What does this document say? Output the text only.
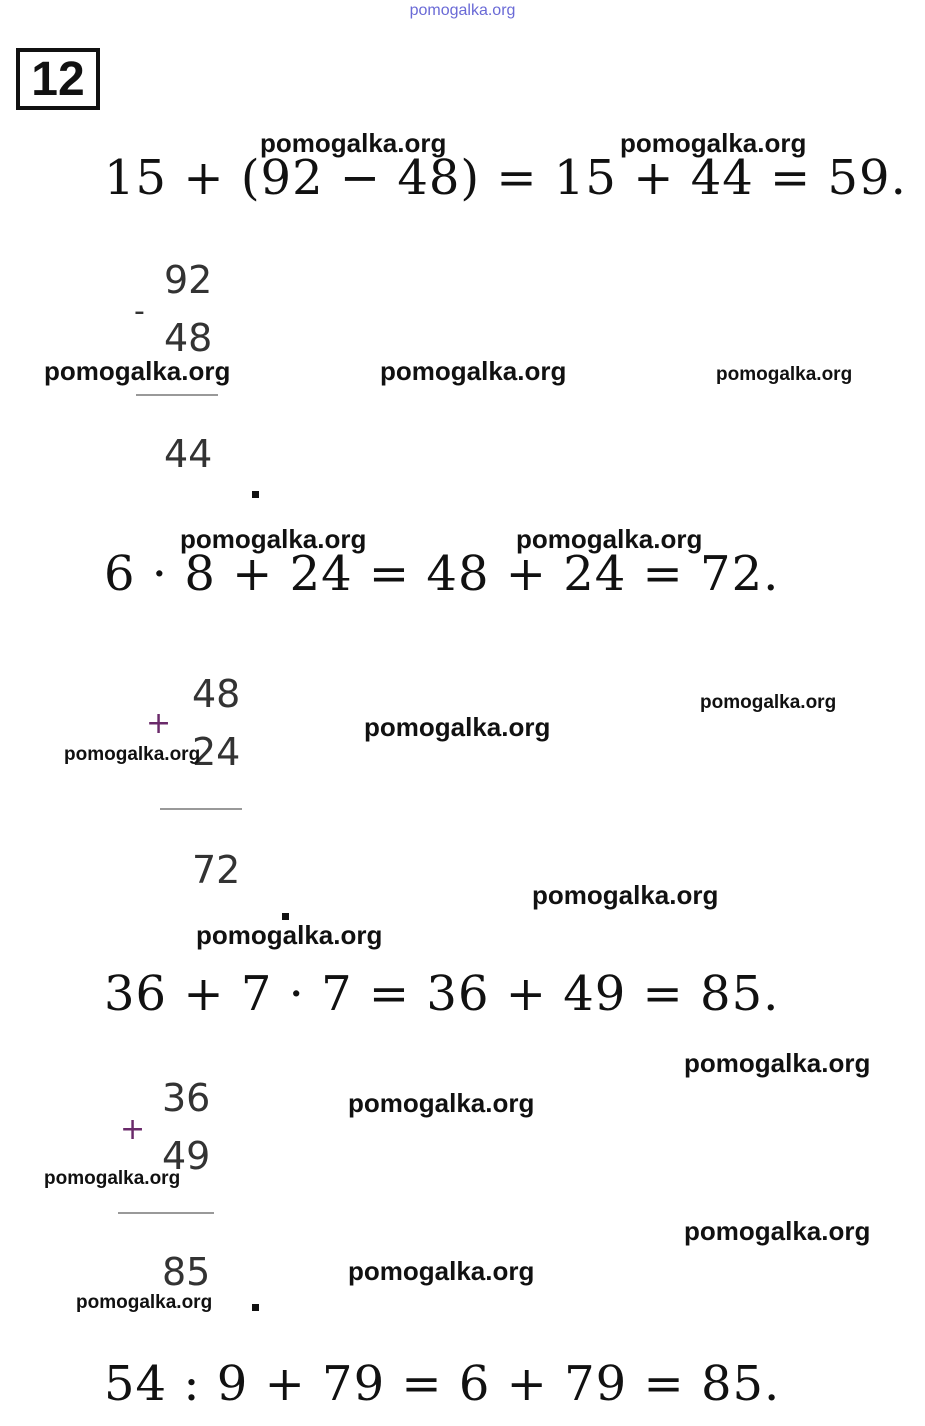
pomogalka.org
12
15 + (92 − 48) = 15 + 44 = 59.
92
-
48
44
6 · 8 + 24 = 48 + 24 = 72.
48
+
24
72
36 + 7 · 7 = 36 + 49 = 85.
36
+
49
85
54 : 9 + 79 = 6 + 79 = 85.
pomogalka.org	pomogalka.org
pomogalka.org	pomogalka.org	pomogalka.org
pomogalka.org	pomogalka.org
pomogalka.org
pomogalka.org
pomogalka.org
pomogalka.org
pomogalka.org
pomogalka.org
pomogalka.org
pomogalka.org
pomogalka.org
pomogalka.org
pomogalka.org
